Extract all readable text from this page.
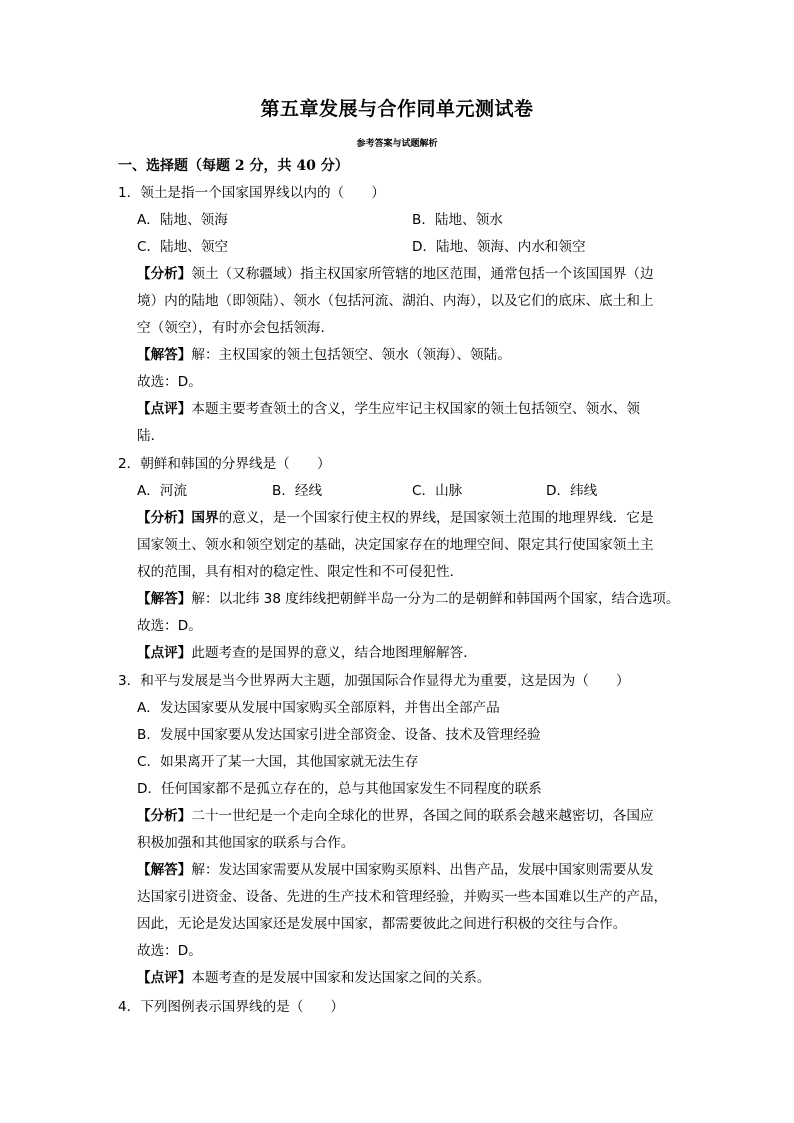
第五章发展与合作同单元测试卷
参考答案与试题解析
一、选择题（每题 2 分，共 40 分）
1．领土是指一个国家国界线以内的（　　）
A．陆地、领海	B．陆地、领水
C．陆地、领空	D．陆地、领海、内水和领空
【分析】领土（又称疆域）指主权国家所管辖的地区范围，通常包括一个该国国界（边
境）内的陆地（即领陆）、领水（包括河流、湖泊、内海），以及它们的底床、底土和上
空（领空），有时亦会包括领海．
【解答】解：主权国家的领土包括领空、领水（领海）、领陆。
故选：D。
【点评】本题主要考查领土的含义，学生应牢记主权国家的领土包括领空、领水、领
陆．
2．朝鲜和韩国的分界线是（　　）
A．河流	B．经线	C．山脉	D．纬线
【分析】国界的意义，是一个国家行使主权的界线，是国家领土范围的地理界线．它是
国家领土、领水和领空划定的基础，决定国家存在的地理空间、限定其行使国家领土主
权的范围，具有相对的稳定性、限定性和不可侵犯性．
【解答】解：以北纬 38 度纬线把朝鲜半岛一分为二的是朝鲜和韩国两个国家，结合选项。
故选：D。
【点评】此题考查的是国界的意义，结合地图理解解答．
3．和平与发展是当今世界两大主题，加强国际合作显得尤为重要，这是因为（　　）
A．发达国家要从发展中国家购买全部原料，并售出全部产品
B．发展中国家要从发达国家引进全部资金、设备、技术及管理经验
C．如果离开了某一大国，其他国家就无法生存
D．任何国家都不是孤立存在的，总与其他国家发生不同程度的联系
【分析】二十一世纪是一个走向全球化的世界，各国之间的联系会越来越密切，各国应
积极加强和其他国家的联系与合作。
【解答】解：发达国家需要从发展中国家购买原料、出售产品，发展中国家则需要从发
达国家引进资金、设备、先进的生产技术和管理经验，并购买一些本国难以生产的产品，
因此，无论是发达国家还是发展中国家，都需要彼此之间进行积极的交往与合作。
故选：D。
【点评】本题考查的是发展中国家和发达国家之间的关系。
4．下列图例表示国界线的是（　　）
